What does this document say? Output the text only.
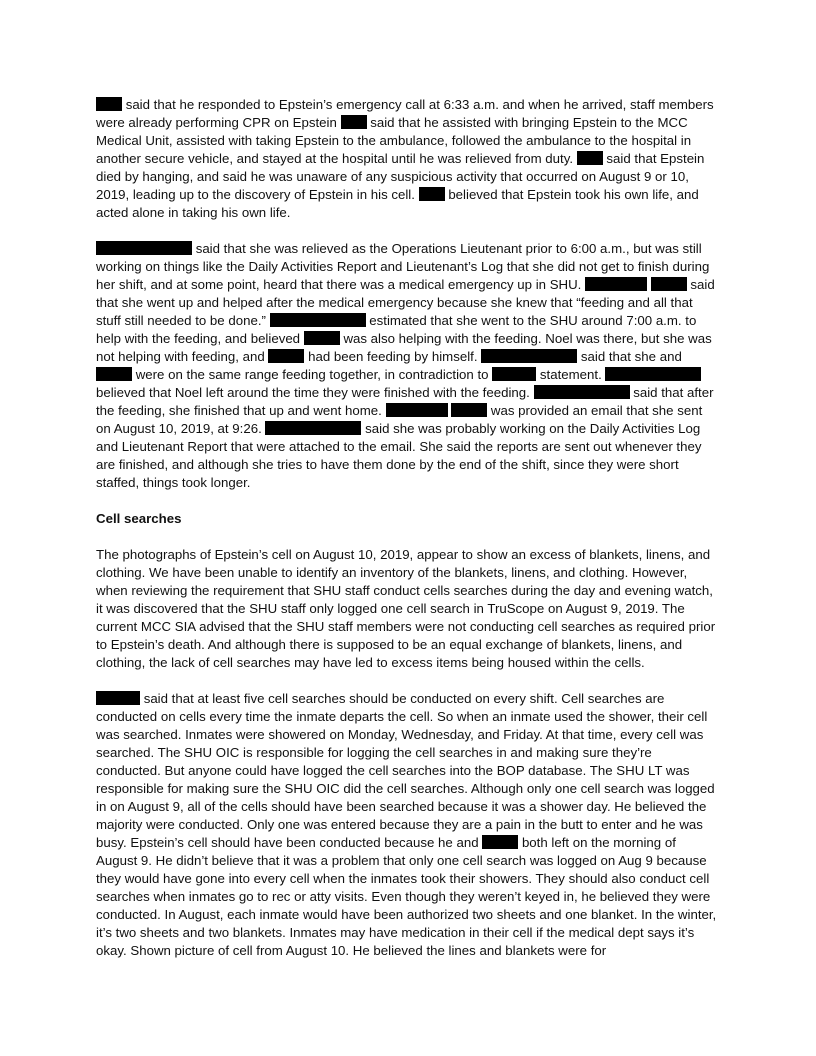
said that he responded to Epstein’s emergency call at 6:33 a.m. and when he arrived, staff members were already performing CPR on Epstein	said that he assisted with bringing Epstein to the MCC Medical Unit, assisted with taking Epstein to the ambulance, followed the ambulance to the hospital in another secure vehicle, and stayed at the hospital until he was relieved from duty.	said that Epstein died by hanging, and said he was unaware of any suspicious activity that occurred on August 9 or 10, 2019, leading up to the discovery of Epstein in his cell.	believed that Epstein took his own life, and acted alone in taking his own life.

said that she was relieved as the Operations Lieutenant prior to 6:00 a.m., but was still working on things like the Daily Activities Report and Lieutenant’s Log that she did not get to finish during her shift, and at some point, heard that there was a medical emergency up in SHU.	said that she went up and helped after the medical emergency because she knew that “feeding and all that stuff still needed to be done.”	estimated that she went to the SHU around 7:00 a.m. to help with the feeding, and believed	was also helping with the feeding. Noel was there, but she was not helping with feeding, and	had been feeding by himself.	said that she and  were on the same range feeding together, in contradiction to	statement.  believed that Noel left around the time they were finished with the feeding.	said that after the feeding, she finished that up and went home.	was provided an email that she sent on August 10, 2019, at 9:26.	said she was probably working on the Daily Activities Log and Lieutenant Report that were attached to the email. She said the reports are sent out whenever they are finished, and although she tries to have them done by the end of the shift, since they were short staffed, things took longer.

Cell searches

The photographs of Epstein’s cell on August 10, 2019, appear to show an excess of blankets, linens, and clothing. We have been unable to identify an inventory of the blankets, linens, and clothing. However, when reviewing the requirement that SHU staff conduct cells searches during the day and evening watch, it was discovered that the SHU staff only logged one cell search in TruScope on August 9, 2019. The current MCC SIA advised that the SHU staff members were not conducting cell searches as required prior to Epstein’s death. And although there is supposed to be an equal exchange of blankets, linens, and clothing, the lack of cell searches may have led to excess items being housed within the cells.

said that at least five cell searches should be conducted on every shift. Cell searches are conducted on cells every time the inmate departs the cell. So when an inmate used the shower, their cell was searched. Inmates were showered on Monday, Wednesday, and Friday. At that time, every cell was searched. The SHU OIC is responsible for logging the cell searches in and making sure they’re conducted. But anyone could have logged the cell searches into the BOP database. The SHU LT was responsible for making sure the SHU OIC did the cell searches. Although only one cell search was logged in on August 9, all of the cells should have been searched because it was a shower day. He believed the majority were conducted. Only one was entered because they are a pain in the butt to enter and he was busy. Epstein’s cell should have been conducted because he and	both left on the morning of August 9. He didn’t believe that it was a problem that only one cell search was logged on Aug 9 because they would have gone into every cell when the inmates took their showers. They should also conduct cell searches when inmates go to rec or atty visits. Even though they weren’t keyed in, he believed they were conducted. In August, each inmate would have been authorized two sheets and one blanket. In the winter, it’s two sheets and two blankets. Inmates may have medication in their cell if the medical dept says it’s okay. Shown picture of cell from August 10. He believed the lines and blankets were for
